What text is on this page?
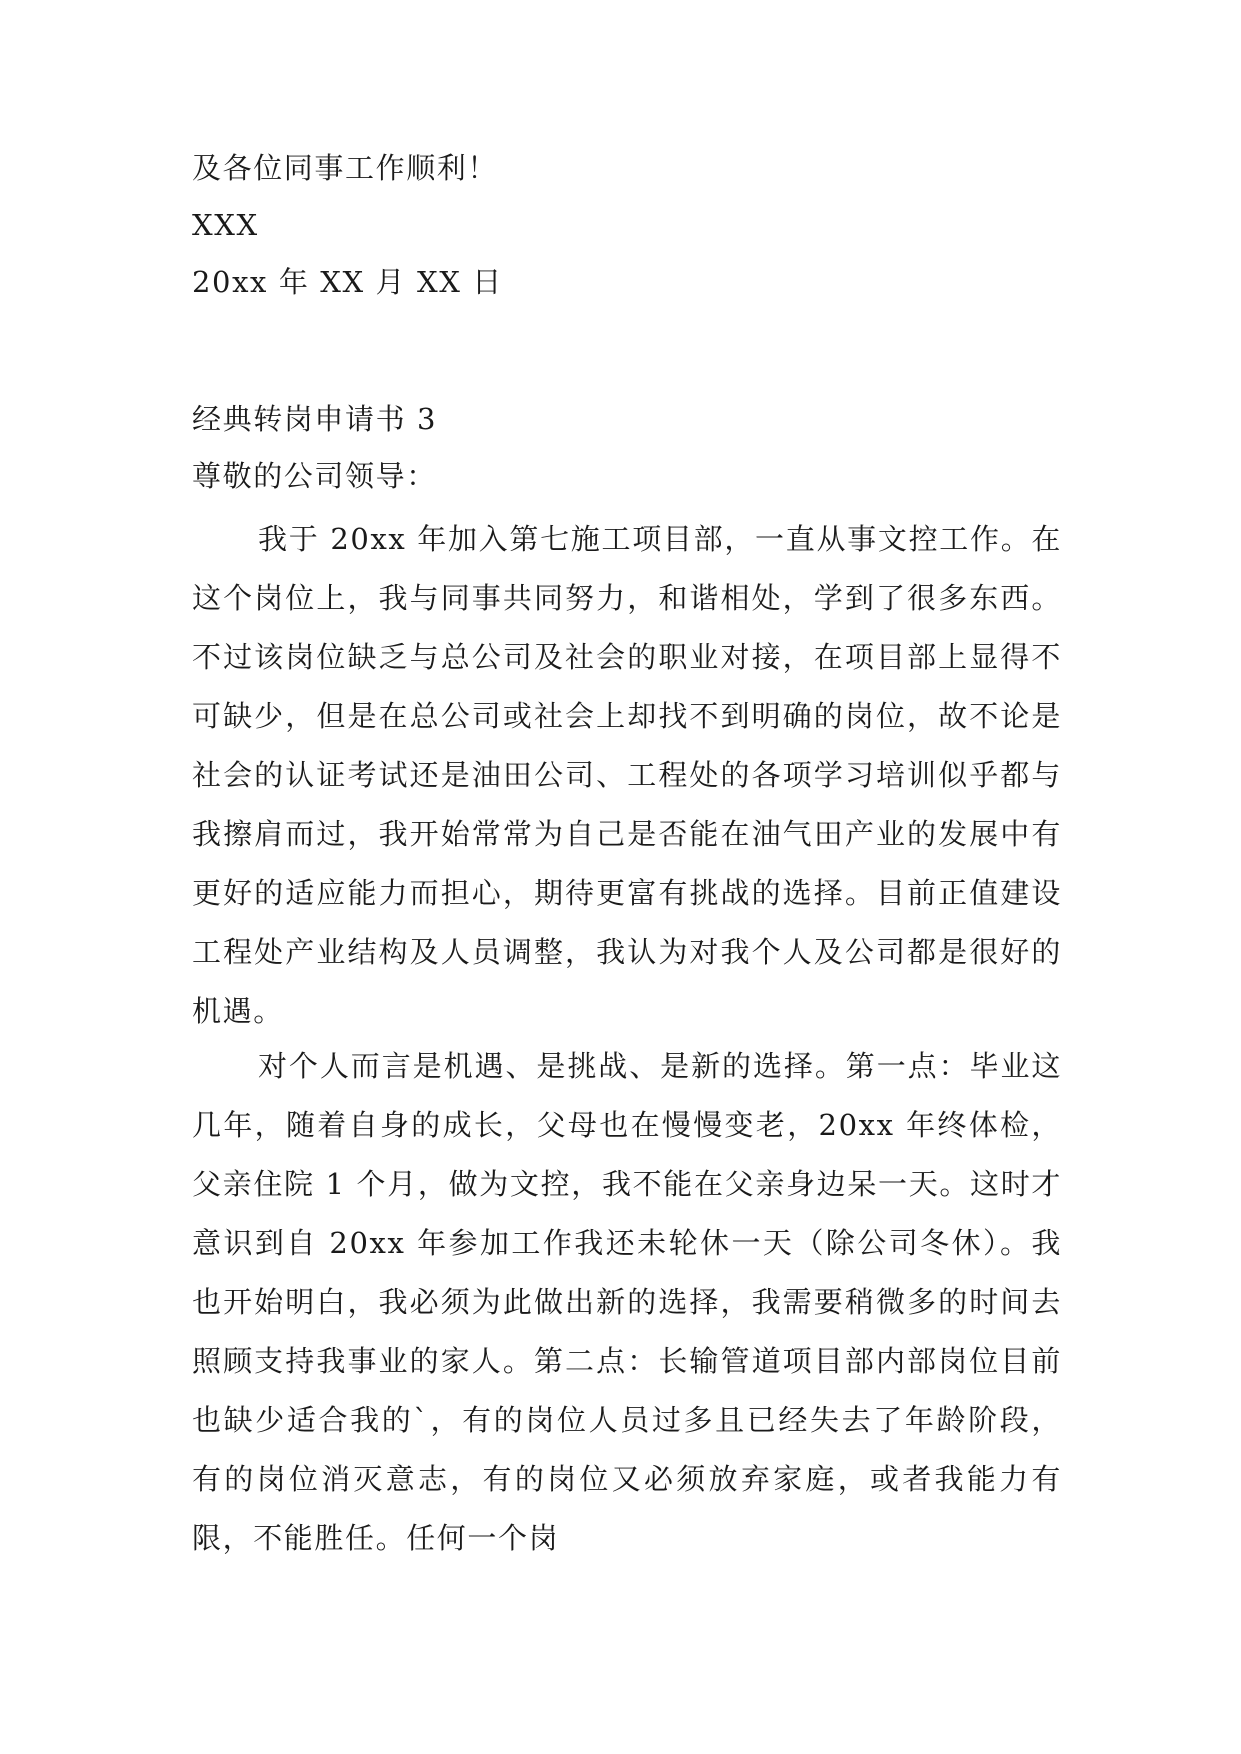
及各位同事工作顺利！
XXX
20xx 年 XX 月 XX 日
经典转岗申请书 3
尊敬的公司领导：

我于 20xx 年加入第七施工项目部，一直从事文控工作。在这个岗位上，我与同事共同努力，和谐相处，学到了很多东西。不过该岗位缺乏与总公司及社会的职业对接，在项目部上显得不可缺少，但是在总公司或社会上却找不到明确的岗位，故不论是社会的认证考试还是油田公司、工程处的各项学习培训似乎都与我擦肩而过，我开始常常为自己是否能在油气田产业的发展中有更好的适应能力而担心，期待更富有挑战的选择。目前正值建设工程处产业结构及人员调整，我认为对我个人及公司都是很好的机遇。

对个人而言是机遇、是挑战、是新的选择。第一点：毕业这几年，随着自身的成长，父母也在慢慢变老，20xx 年终体检，父亲住院 1 个月，做为文控，我不能在父亲身边呆一天。这时才意识到自 20xx 年参加工作我还未轮休一天（除公司冬休）。我也开始明白，我必须为此做出新的选择，我需要稍微多的时间去照顾支持我事业的家人。第二点：长输管道项目部内部岗位目前也缺少适合我的`，有的岗位人员过多且已经失去了年龄阶段，有的岗位消灭意志，有的岗位又必须放弃家庭，或者我能力有限，不能胜任。任何一个岗
